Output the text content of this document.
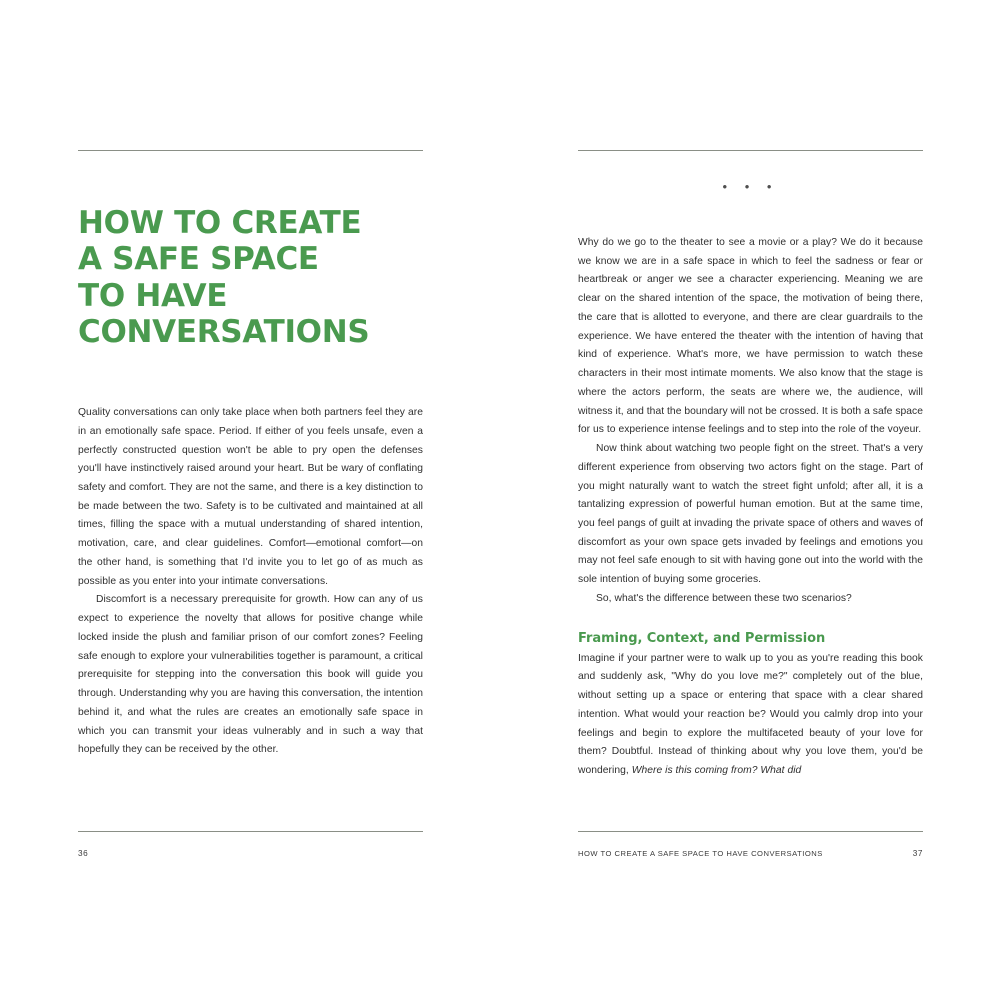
HOW TO CREATE
A SAFE SPACE
TO HAVE
CONVERSATIONS

Quality conversations can only take place when both partners feel they are in an emotionally safe space. Period. If either of you feels unsafe, even a perfectly constructed question won't be able to pry open the defenses you'll have instinctively raised around your heart. But be wary of conflating safety and comfort. They are not the same, and there is a key distinction to be made between the two. Safety is to be cultivated and maintained at all times, filling the space with a mutual understanding of shared intention, motivation, care, and clear guidelines. Comfort—emotional comfort—on the other hand, is something that I'd invite you to let go of as much as possible as you enter into your intimate conversations.

Discomfort is a necessary prerequisite for growth. How can any of us expect to experience the novelty that allows for positive change while locked inside the plush and familiar prison of our comfort zones? Feeling safe enough to explore your vulnerabilities together is paramount, a critical prerequisite for stepping into the conversation this book will guide you through. Understanding why you are having this conversation, the intention behind it, and what the rules are creates an emotionally safe space in which you can transmit your ideas vulnerably and in such a way that hopefully they can be received by the other.

36
• • •

Why do we go to the theater to see a movie or a play? We do it because we know we are in a safe space in which to feel the sadness or fear or heartbreak or anger we see a character experiencing. Meaning we are clear on the shared intention of the space, the motivation of being there, the care that is allotted to everyone, and there are clear guardrails to the experience. We have entered the theater with the intention of having that kind of experience. What's more, we have permission to watch these characters in their most intimate moments. We also know that the stage is where the actors perform, the seats are where we, the audience, will witness it, and that the boundary will not be crossed. It is both a safe space for us to experience intense feelings and to step into the role of the voyeur.

Now think about watching two people fight on the street. That's a very different experience from observing two actors fight on the stage. Part of you might naturally want to watch the street fight unfold; after all, it is a tantalizing expression of powerful human emotion. But at the same time, you feel pangs of guilt at invading the private space of others and waves of discomfort as your own space gets invaded by feelings and emotions you may not feel safe enough to sit with having gone out into the world with the sole intention of buying some groceries.

So, what's the difference between these two scenarios?

Framing, Context, and Permission

Imagine if your partner were to walk up to you as you're reading this book and suddenly ask, "Why do you love me?" completely out of the blue, without setting up a space or entering that space with a clear shared intention. What would your reaction be? Would you calmly drop into your feelings and begin to explore the multifaceted beauty of your love for them? Doubtful. Instead of thinking about why you love them, you'd be wondering, Where is this coming from? What did

HOW TO CREATE A SAFE SPACE TO HAVE CONVERSATIONS	37
